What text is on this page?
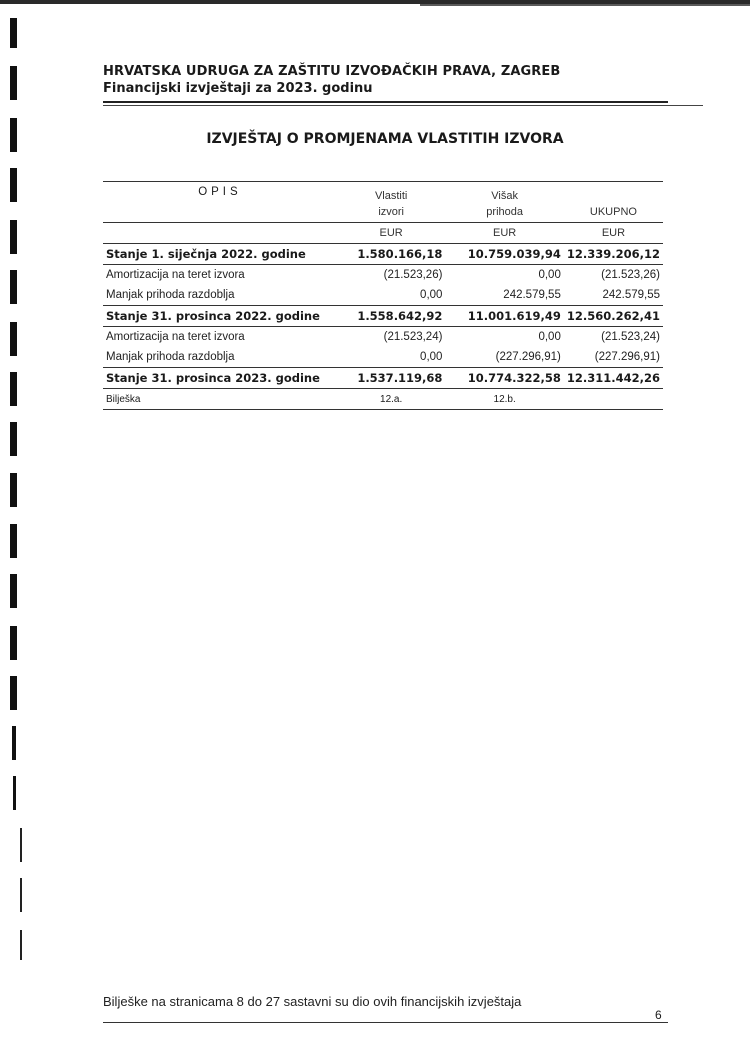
HRVATSKA UDRUGA ZA ZAŠTITU IZVOĐAČKIH PRAVA, ZAGREB
Financijski izvještaji za 2023. godinu
IZVJEŠTAJ O PROMJENAMA VLASTITIH IZVORA
OPIS	Vlastiti	Višak	
	izvori	prihoda	UKUPNO
	EUR	EUR	EUR
Stanje 1. siječnja 2022. godine	1.580.166,18	10.759.039,94	12.339.206,12
Amortizacija na teret izvora	(21.523,26)	0,00	(21.523,26)
Manjak prihoda razdoblja	0,00	242.579,55	242.579,55
Stanje 31. prosinca 2022. godine	1.558.642,92	11.001.619,49	12.560.262,41
Amortizacija na teret izvora	(21.523,24)	0,00	(21.523,24)
Manjak prihoda razdoblja	0,00	(227.296,91)	(227.296,91)
Stanje 31. prosinca 2023. godine	1.537.119,68	10.774.322,58	12.311.442,26
Bilješka	12.a.	12.b.	
Bilješke na stranicama 8 do 27 sastavni su dio ovih financijskih izvještaja
6
